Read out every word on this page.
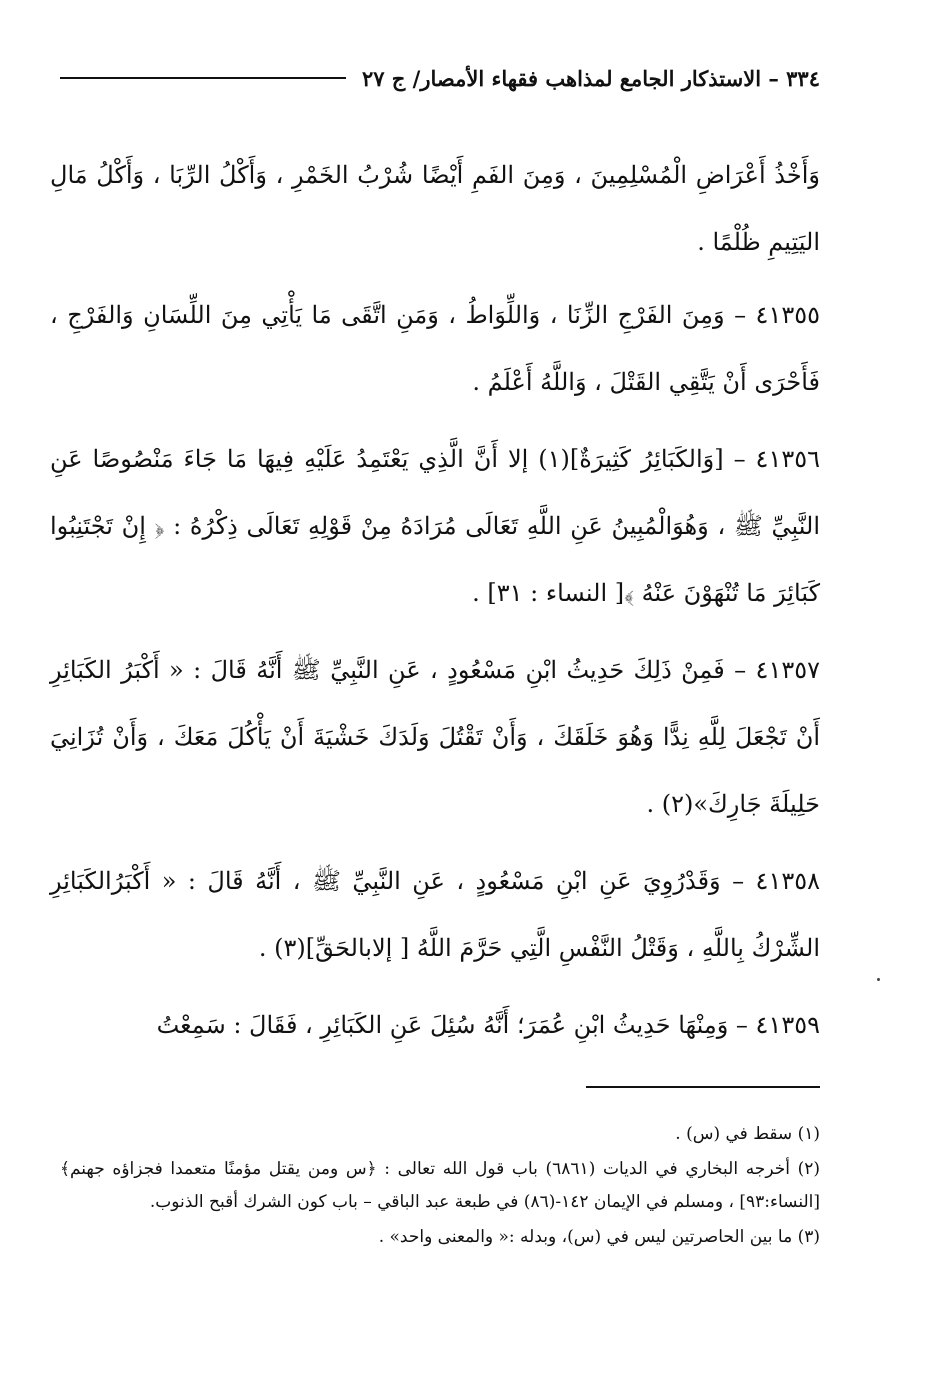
٣٣٤ – الاستذكار الجامع لمذاهب فقهاء الأمصار/ ج ٢٧

وَأَخْذُ أَعْرَاضِ الْمُسْلِمِينَ ، وَمِنَ الفَمِ أَيْضًا شُرْبُ الخَمْرِ ، وَأَكْلُ الرِّبَا ، وَأَكْلُ مَالِ اليَتِيمِ ظُلْمًا .

٤١٣٥٥ – وَمِنَ الفَرْجِ الزِّنَا ، وَاللِّوَاطُ ، وَمَنِ اتَّقَى مَا يَأْتِي مِنَ اللِّسَانِ وَالفَرْجِ ، فَأَحْرَى أَنْ يَتَّقِي القَتْلَ ، وَاللَّهُ أَعْلَمُ .

٤١٣٥٦ – [وَالكَبَائِرُ كَثِيرَةٌ](١) إلا أَنَّ الَّذِي يَعْتَمِدُ عَلَيْهِ فِيهَا مَا جَاءَ مَنْصُوصًا عَنِ النَّبِيِّ ﷺ ، وَهُوَالْمُبِينُ عَنِ اللَّهِ تَعَالَى مُرَادَهُ مِنْ قَوْلِهِ تَعَالَى ذِكْرُهُ : ﴿ إِنْ تَجْتَنِبُوا كَبَائِرَ مَا تُنْهَوْنَ عَنْهُ ﴾[ النساء : ٣١] .

٤١٣٥٧ – فَمِنْ ذَلِكَ حَدِيثُ ابْنِ مَسْعُودٍ ، عَنِ النَّبِيِّ ﷺ أَنَّهُ قَالَ : « أَكْبَرُ الكَبَائِرِ أَنْ تَجْعَلَ لِلَّهِ نِدًّا وَهُوَ خَلَقَكَ ، وَأَنْ تَقْتُلَ وَلَدَكَ خَشْيَةَ أَنْ يَأْكُلَ مَعَكَ ، وَأَنْ تُزَانِيَ حَلِيلَةَ جَارِكَ»(٢) .

٤١٣٥٨ – وَقَدْرُوِيَ عَنِ ابْنِ مَسْعُودٍ ، عَنِ النَّبِيِّ ﷺ ، أَنَّهُ قَالَ : « أَكْبَرُالكَبَائِرِ الشِّرْكُ بِاللَّهِ ، وَقَتْلُ النَّفْسِ الَّتِي حَرَّمَ اللَّهُ [ إلابالحَقِّ](٣) .

٤١٣٥٩ – وَمِنْهَا حَدِيثُ ابْنِ عُمَرَ؛ أَنَّهُ سُئِلَ عَنِ الكَبَائِرِ ، فَقَالَ : سَمِعْتُ

(١) سقط في (س) .

(٢) أخرجه البخاري في الديات (٦٨٦١) باب قول الله تعالى : ﴿س ومن يقتل مؤمنًا متعمدا فجزاؤه جهنم﴾ [النساء:٩٣] ، ومسلم في الإيمان ١٤٢-(٨٦) في طبعة عبد الباقي – باب كون الشرك أقبح الذنوب.

(٣) ما بين الحاصرتين ليس في (س)، وبدله :« والمعنى واحد» .
